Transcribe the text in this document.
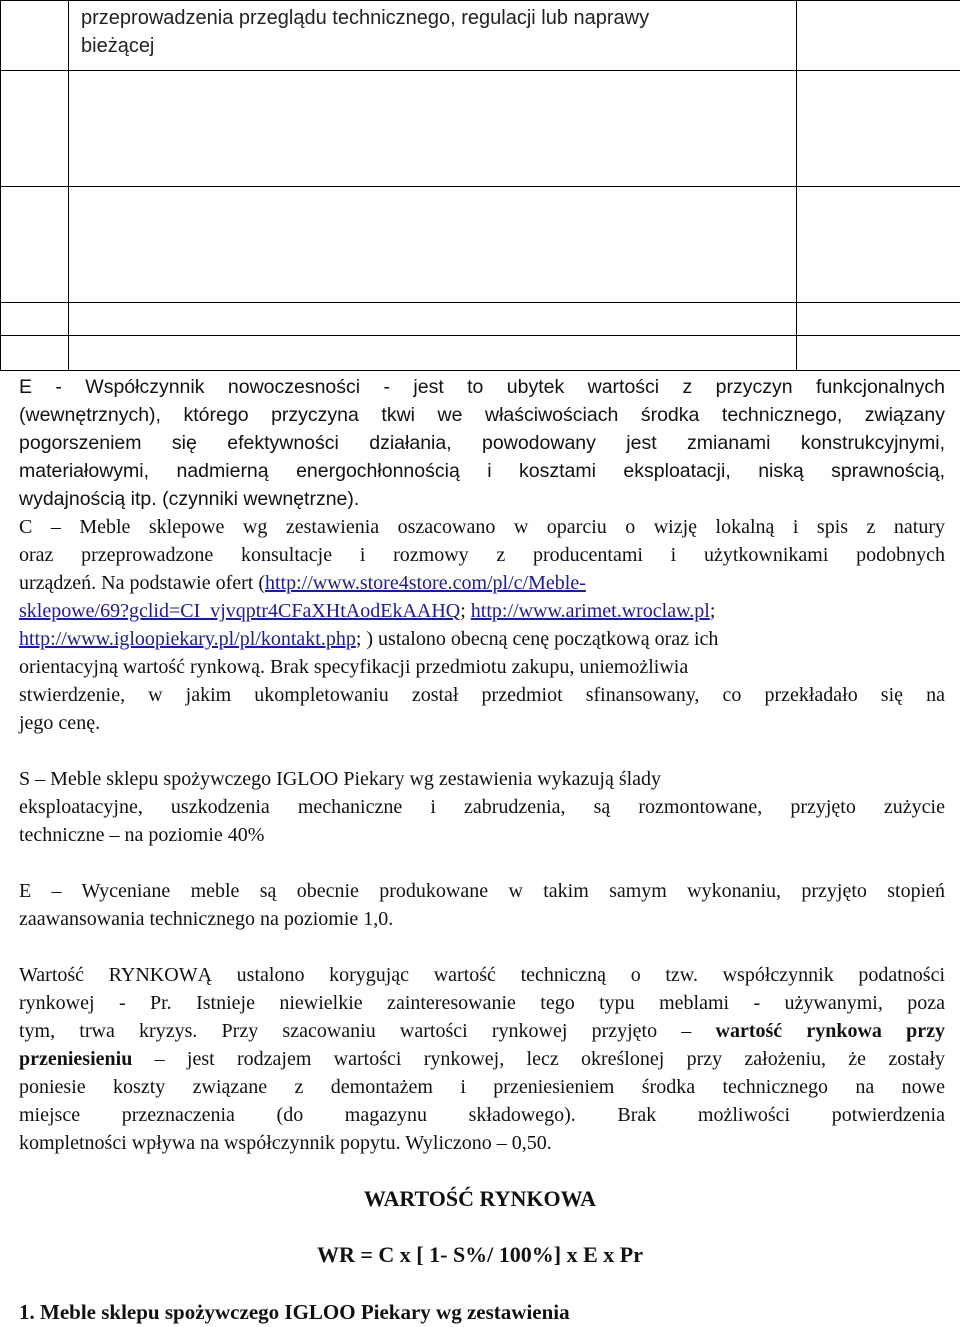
	przeprowadzenia przeglądu technicznego, regulacji lub naprawy
bieżącej	

E - Współczynnik nowoczesności - jest to ubytek wartości z przyczyn funkcjonalnych
(wewnętrznych), którego przyczyna tkwi we właściwościach środka technicznego, związany
pogorszeniem się efektywności działania, powodowany jest zmianami konstrukcyjnymi,
materiałowymi, nadmierną energochłonnością i kosztami eksploatacji, niską sprawnością,
wydajnością itp. (czynniki wewnętrzne).
C – Meble sklepowe wg zestawienia oszacowano w oparciu o wizję lokalną i spis z natury
oraz przeprowadzone konsultacje i rozmowy z producentami i użytkownikami podobnych
urządzeń. Na podstawie ofert (http://www.store4store.com/pl/c/Meble-
sklepowe/69?gclid=CI_vjvqptr4CFaXHtAodEkAAHQ; http://www.arimet.wroclaw.pl;
http://www.igloopiekary.pl/pl/kontakt.php; ) ustalono obecną cenę początkową oraz ich
orientacyjną wartość rynkową. Brak specyfikacji przedmiotu zakupu, uniemożliwia
stwierdzenie, w jakim ukompletowaniu został przedmiot sfinansowany, co przekładało się na
jego cenę.
S – Meble sklepu spożywczego IGLOO Piekary wg zestawienia wykazują ślady
eksploatacyjne, uszkodzenia mechaniczne i zabrudzenia, są rozmontowane, przyjęto zużycie
techniczne – na poziomie 40%
E – Wyceniane meble są obecnie produkowane w takim samym wykonaniu, przyjęto stopień
zaawansowania technicznego na poziomie 1,0.
Wartość RYNKOWĄ ustalono korygując wartość techniczną o tzw. współczynnik podatności
rynkowej - Pr. Istnieje niewielkie zainteresowanie tego typu meblami - używanymi, poza
tym, trwa kryzys. Przy szacowaniu wartości rynkowej przyjęto – wartość rynkowa przy
przeniesieniu – jest rodzajem wartości rynkowej, lecz określonej przy założeniu, że zostały
poniesie koszty związane z demontażem i przeniesieniem środka technicznego na nowe
miejsce przeznaczenia (do magazynu składowego). Brak możliwości potwierdzenia
kompletności wpływa na współczynnik popytu. Wyliczono – 0,50.
WARTOŚĆ RYNKOWA
WR = C x [ 1- S%/ 100%] x E x Pr
1. Meble sklepu spożywczego IGLOO Piekary wg zestawienia
